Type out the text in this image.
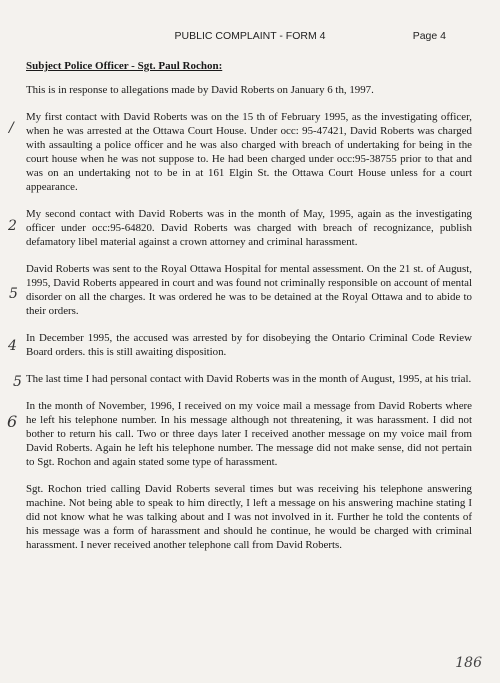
PUBLIC COMPLAINT - FORM 4	Page 4
Subject Police Officer - Sgt. Paul Rochon:

This is in response to allegations made by David Roberts on January 6 th, 1997.

My first contact with David Roberts was on the 15 th of February 1995, as the investigating officer, when he was arrested at the Ottawa Court House. Under occ: 95-47421, David Roberts was charged with assaulting a police officer and he was also charged with breach of undertaking for being in the court house when he was not suppose to. He had been charged under occ:95-38755 prior to that and was on an undertaking not to be in at 161 Elgin St. the Ottawa Court House unless for a court appearance.

My second contact with David Roberts was in the month of May, 1995, again as the investigating officer under occ:95-64820. David Roberts was charged with breach of recognizance, publish defamatory libel material against a crown attorney and criminal harassment.

David Roberts was sent to the Royal Ottawa Hospital for mental assessment. On the 21 st. of August, 1995, David Roberts appeared in court and was found not criminally responsible on account of mental disorder on all the charges. It was ordered he was to be detained at the Royal Ottawa and to abide to their orders.

In December 1995, the accused was arrested by for disobeying the Ontario Criminal Code Review Board orders. this is still awaiting disposition.

The last time I had personal contact with David Roberts was in the month of August, 1995, at his trial.

In the month of November, 1996, I received on my voice mail a message from David Roberts where he left his telephone number. In his message although not threatening, it was harassment. I did not bother to return his call. Two or three days later I received another message on my voice mail from David Roberts. Again he left his telephone number. The message did not make sense, did not pertain to Sgt. Rochon and again stated some type of harassment.

Sgt. Rochon tried calling David Roberts several times but was receiving his telephone answering machine. Not being able to speak to him directly, I left a message on his answering machine stating I did not know what he was talking about and I was not involved in it. Further he told the contents of his message was a form of harassment and should he continue, he would be charged with criminal harassment. I never received another telephone call from David Roberts.

/
2
5
4
5
6
186
